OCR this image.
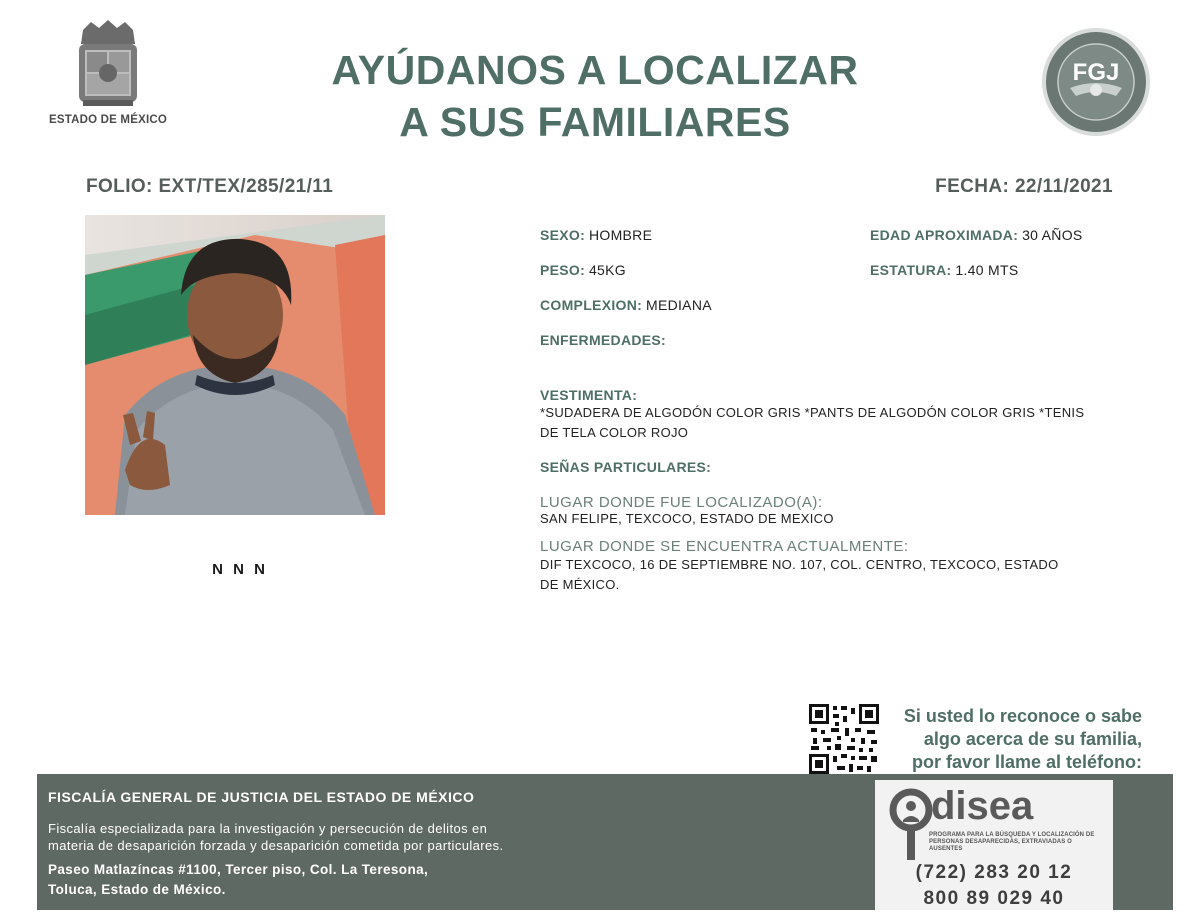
ESTADO DE MÉXICO
AYÚDANOS A LOCALIZAR
A SUS FAMILIARES
FGJ
FOLIO: EXT/TEX/285/21/11	FECHA: 22/11/2021
N N N
SEXO: HOMBRE	EDAD APROXIMADA: 30 AÑOS
PESO: 45KG	ESTATURA: 1.40 MTS
COMPLEXION: MEDIANA
ENFERMEDADES:
VESTIMENTA:
*SUDADERA DE ALGODÓN COLOR GRIS *PANTS DE ALGODÓN COLOR GRIS *TENIS
DE TELA COLOR ROJO
SEÑAS PARTICULARES:
LUGAR DONDE FUE LOCALIZADO(A):
SAN FELIPE, TEXCOCO, ESTADO DE MEXICO
LUGAR DONDE SE ENCUENTRA ACTUALMENTE:
DIF TEXCOCO, 16 DE SEPTIEMBRE NO. 107, COL. CENTRO, TEXCOCO, ESTADO
DE MÉXICO.
Si usted lo reconoce o sabe
algo acerca de su familia,
por favor llame al teléfono:
FISCALÍA GENERAL DE JUSTICIA DEL ESTADO DE MÉXICO
Fiscalía especializada para la investigación y persecución de delitos en
materia de desaparición forzada y desaparición cometida por particulares.
Paseo Matlazíncas #1100, Tercer piso, Col. La Teresona,
Toluca, Estado de México.
disea
PROGRAMA PARA LA BÚSQUEDA Y LOCALIZACIÓN DE PERSONAS DESAPARECIDAS, EXTRAVIADAS O AUSENTES
(722) 283 20 12
800 89 029 40
